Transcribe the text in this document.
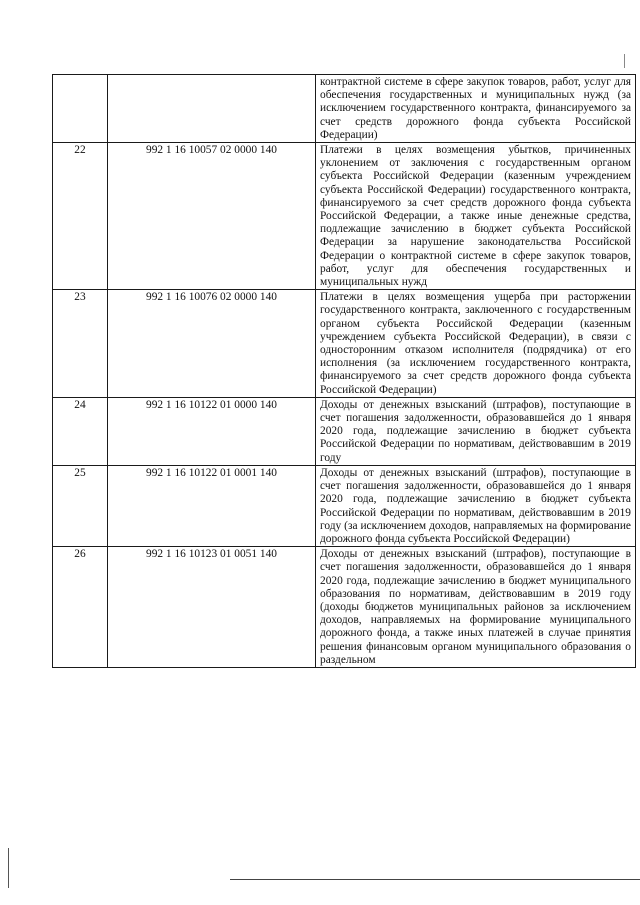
		контрактной системе в сфере закупок товаров, работ, услуг для обеспечения государственных и муниципальных нужд (за исключением государственного контракта, финансируемого за счет средств дорожного фонда субъекта Российской Федерации)

22	992 1 16 10057 02 0000 140	Платежи в целях возмещения убытков, причиненных уклонением от заключения с государственным органом субъекта Российской Федерации (казенным учреждением субъекта Российской Федерации) государственного контракта, финансируемого за счет средств дорожного фонда субъекта Российской Федерации, а также иные денежные средства, подлежащие зачислению в бюджет субъекта Российской Федерации за нарушение законодательства Российской Федерации о контрактной системе в сфере закупок товаров, работ, услуг для обеспечения государственных и муниципальных нужд

23	992 1 16 10076 02 0000 140	Платежи в целях возмещения ущерба при расторжении государственного контракта, заключенного с государственным органом субъекта Российской Федерации (казенным учреждением субъекта Российской Федерации), в связи с односторонним отказом исполнителя (подрядчика) от его исполнения (за исключением государственного контракта, финансируемого за счет средств дорожного фонда субъекта Российской Федерации)

24	992 1 16 10122 01 0000 140	Доходы от денежных взысканий (штрафов), поступающие в счет погашения задолженности, образовавшейся до 1 января 2020 года, подлежащие зачислению в бюджет субъекта Российской Федерации по нормативам, действовавшим в 2019 году

25	992 1 16 10122 01 0001 140	Доходы от денежных взысканий (штрафов), поступающие в счет погашения задолженности, образовавшейся до 1 января 2020 года, подлежащие зачислению в бюджет субъекта Российской Федерации по нормативам, действовавшим в 2019 году (за исключением доходов, направляемых на формирование дорожного фонда субъекта Российской Федерации)

26	992 1 16 10123 01 0051 140	Доходы от денежных взысканий (штрафов), поступающие в счет погашения задолженности, образовавшейся до 1 января 2020 года, подлежащие зачислению в бюджет муниципального образования по нормативам, действовавшим в 2019 году (доходы бюджетов муниципальных районов за исключением доходов, направляемых на формирование муниципального дорожного фонда, а также иных платежей в случае принятия решения финансовым органом муниципального образования о раздельном
